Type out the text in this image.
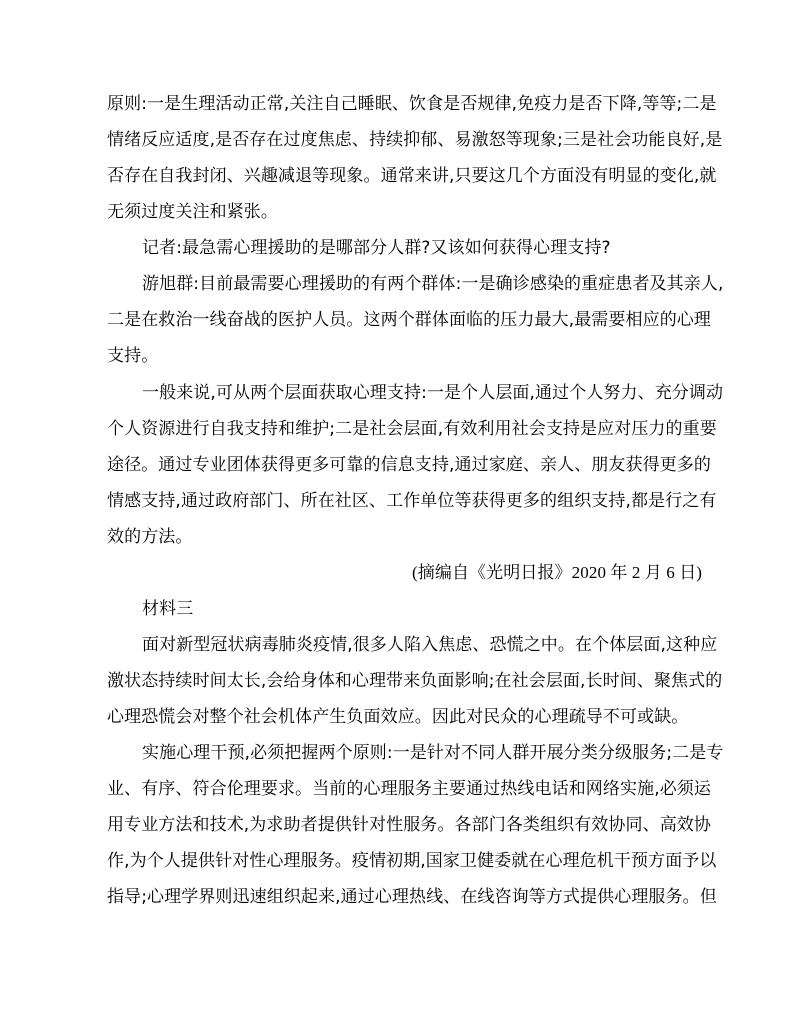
原则:一是生理活动正常,关注自己睡眠、饮食是否规律,免疫力是否下降,等等;二是
情绪反应适度,是否存在过度焦虑、持续抑郁、易激怒等现象;三是社会功能良好,是
否存在自我封闭、兴趣减退等现象。通常来讲,只要这几个方面没有明显的变化,就
无须过度关注和紧张。
记者:最急需心理援助的是哪部分人群?又该如何获得心理支持?
游旭群:目前最需要心理援助的有两个群体:一是确诊感染的重症患者及其亲人,
二是在救治一线奋战的医护人员。这两个群体面临的压力最大,最需要相应的心理
支持。
一般来说,可从两个层面获取心理支持:一是个人层面,通过个人努力、充分调动
个人资源进行自我支持和维护;二是社会层面,有效利用社会支持是应对压力的重要
途径。通过专业团体获得更多可靠的信息支持,通过家庭、亲人、朋友获得更多的
情感支持,通过政府部门、所在社区、工作单位等获得更多的组织支持,都是行之有
效的方法。
(摘编自《光明日报》2020 年 2 月 6 日)
材料三
面对新型冠状病毒肺炎疫情,很多人陷入焦虑、恐慌之中。在个体层面,这种应
激状态持续时间太长,会给身体和心理带来负面影响;在社会层面,长时间、聚焦式的
心理恐慌会对整个社会机体产生负面效应。因此对民众的心理疏导不可或缺。
实施心理干预,必须把握两个原则:一是针对不同人群开展分类分级服务;二是专
业、有序、符合伦理要求。当前的心理服务主要通过热线电话和网络实施,必须运
用专业方法和技术,为求助者提供针对性服务。各部门各类组织有效协同、高效协
作,为个人提供针对性心理服务。疫情初期,国家卫健委就在心理危机干预方面予以
指导;心理学界则迅速组织起来,通过心理热线、在线咨询等方式提供心理服务。但
